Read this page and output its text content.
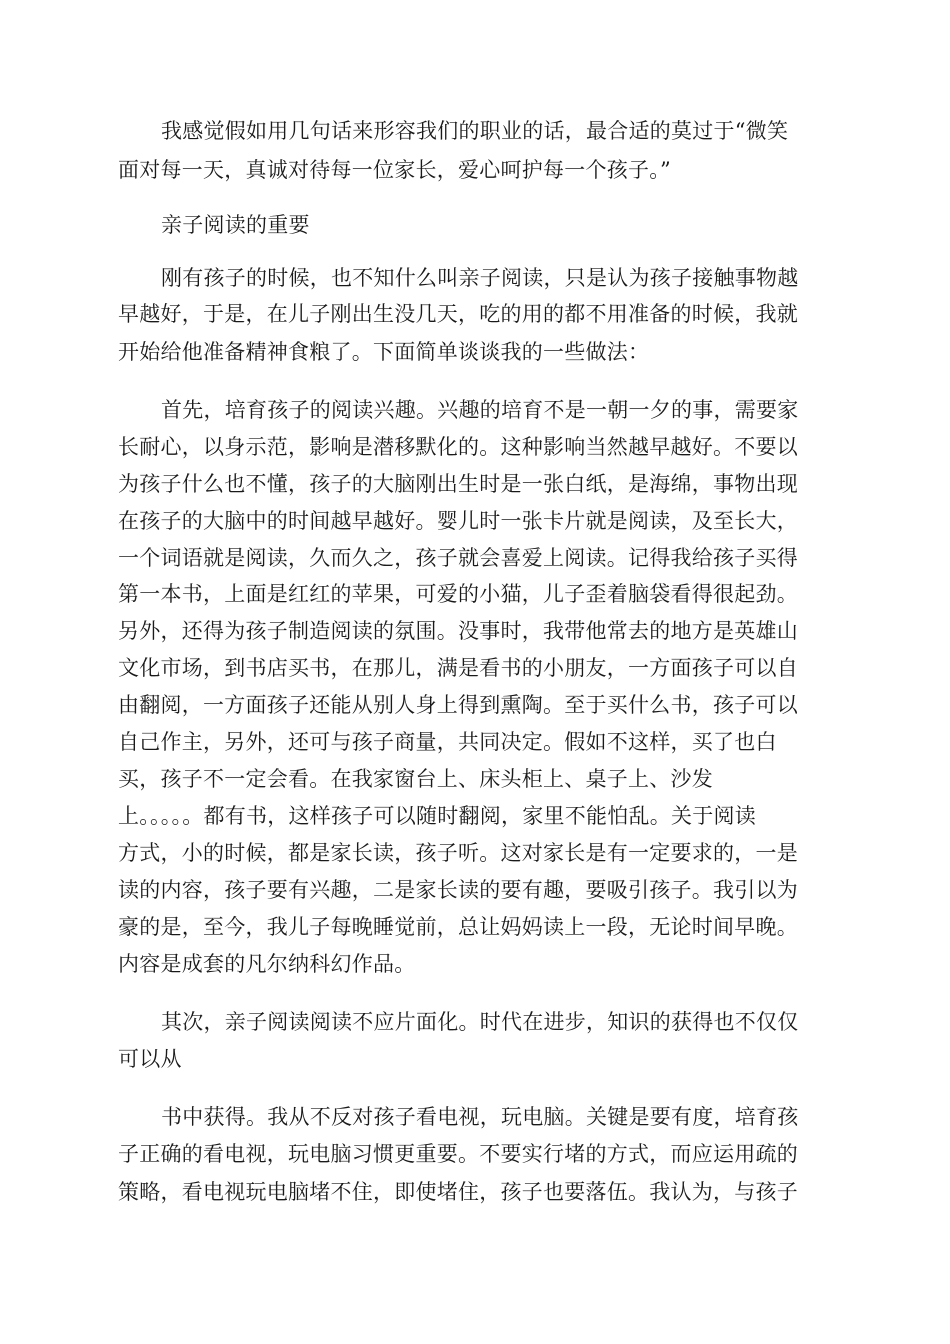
我感觉假如用几句话来形容我们的职业的话，最合适的莫过于“微笑
面对每一天，真诚对待每一位家长，爱心呵护每一个孩子。”
亲子阅读的重要
刚有孩子的时候，也不知什么叫亲子阅读，只是认为孩子接触事物越
早越好，于是，在儿子刚出生没几天，吃的用的都不用准备的时候，我就
开始给他准备精神食粮了。下面简单谈谈我的一些做法：
首先，培育孩子的阅读兴趣。兴趣的培育不是一朝一夕的事，需要家
长耐心，以身示范，影响是潜移默化的。这种影响当然越早越好。不要以
为孩子什么也不懂，孩子的大脑刚出生时是一张白纸，是海绵，事物出现
在孩子的大脑中的时间越早越好。婴儿时一张卡片就是阅读，及至长大，
一个词语就是阅读，久而久之，孩子就会喜爱上阅读。记得我给孩子买得
第一本书，上面是红红的苹果，可爱的小猫，儿子歪着脑袋看得很起劲。
另外，还得为孩子制造阅读的氛围。没事时，我带他常去的地方是英雄山
文化市场，到书店买书，在那儿，满是看书的小朋友，一方面孩子可以自
由翻阅，一方面孩子还能从别人身上得到熏陶。至于买什么书，孩子可以
自己作主，另外，还可与孩子商量，共同决定。假如不这样，买了也白
买，孩子不一定会看。在我家窗台上、床头柜上、桌子上、沙发
上。。。。。都有书，这样孩子可以随时翻阅，家里不能怕乱。关于阅读
方式，小的时候，都是家长读，孩子听。这对家长是有一定要求的，一是
读的内容，孩子要有兴趣，二是家长读的要有趣，要吸引孩子。我引以为
豪的是，至今，我儿子每晚睡觉前，总让妈妈读上一段，无论时间早晚。
内容是成套的凡尔纳科幻作品。
其次，亲子阅读阅读不应片面化。时代在进步，知识的获得也不仅仅
可以从
书中获得。我从不反对孩子看电视，玩电脑。关键是要有度，培育孩
子正确的看电视，玩电脑习惯更重要。不要实行堵的方式，而应运用疏的
策略，看电视玩电脑堵不住，即使堵住，孩子也要落伍。我认为，与孩子
